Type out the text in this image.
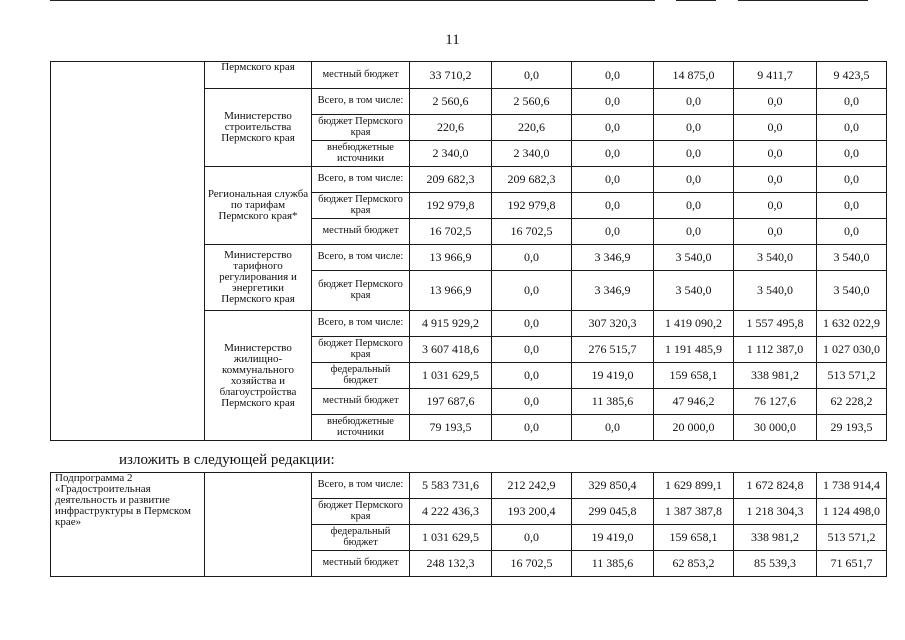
11
	Пермского края	местный бюджет	33 710,2	0,0	0,0	14 875,0	9 411,7	9 423,5
	Министерство строительства Пермского края	Всего, в том числе:	2 560,6	2 560,6	0,0	0,0	0,0	0,0
		бюджет Пермского края	220,6	220,6	0,0	0,0	0,0	0,0
		внебюджетные источники	2 340,0	2 340,0	0,0	0,0	0,0	0,0
	Региональная служба по тарифам Пермского края*	Всего, в том числе:	209 682,3	209 682,3	0,0	0,0	0,0	0,0
		бюджет Пермского края	192 979,8	192 979,8	0,0	0,0	0,0	0,0
		местный бюджет	16 702,5	16 702,5	0,0	0,0	0,0	0,0
	Министерство тарифного регулирования и энергетики Пермского края	Всего, в том числе:	13 966,9	0,0	3 346,9	3 540,0	3 540,0	3 540,0
		бюджет Пермского края	13 966,9	0,0	3 346,9	3 540,0	3 540,0	3 540,0
	Министерство жилищно-коммунального хозяйства и благоустройства Пермского края	Всего, в том числе:	4 915 929,2	0,0	307 320,3	1 419 090,2	1 557 495,8	1 632 022,9
		бюджет Пермского края	3 607 418,6	0,0	276 515,7	1 191 485,9	1 112 387,0	1 027 030,0
		федеральный бюджет	1 031 629,5	0,0	19 419,0	159 658,1	338 981,2	513 571,2
		местный бюджет	197 687,6	0,0	11 385,6	47 946,2	76 127,6	62 228,2
		внебюджетные источники	79 193,5	0,0	0,0	20 000,0	30 000,0	29 193,5
изложить в следующей редакции:
Подпрограмма 2 «Градостроительная деятельность и развитие инфраструктуры в Пермском крае»		Всего, в том числе:	5 583 731,6	212 242,9	329 850,4	1 629 899,1	1 672 824,8	1 738 914,4
		бюджет Пермского края	4 222 436,3	193 200,4	299 045,8	1 387 387,8	1 218 304,3	1 124 498,0
		федеральный бюджет	1 031 629,5	0,0	19 419,0	159 658,1	338 981,2	513 571,2
		местный бюджет	248 132,3	16 702,5	11 385,6	62 853,2	85 539,3	71 651,7
